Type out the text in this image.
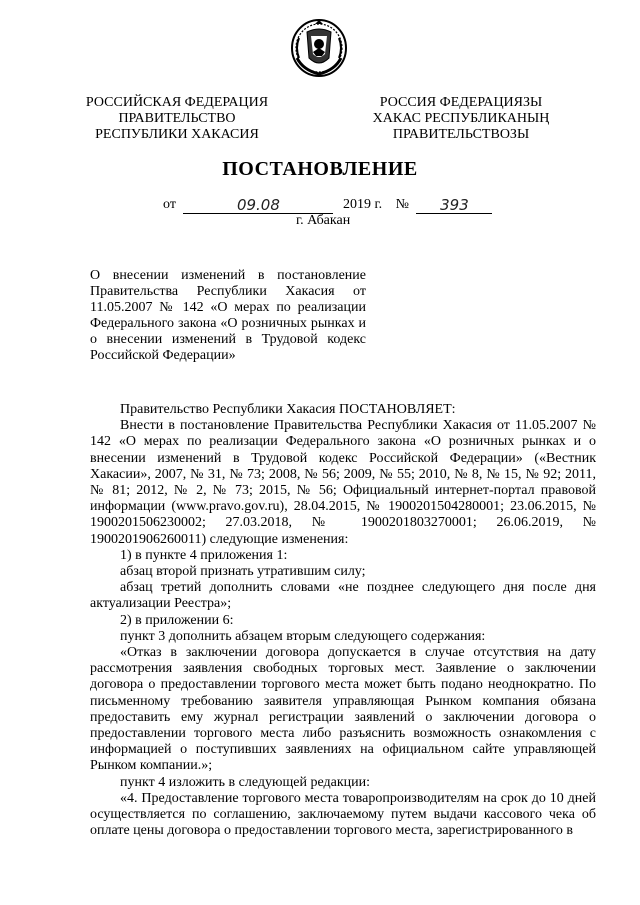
РОССИЙСКАЯ ФЕДЕРАЦИЯ
ПРАВИТЕЛЬСТВО
РЕСПУБЛИКИ ХАКАСИЯ
РОССИЯ ФЕДЕРАЦИЯЗЫ
ХАКАС РЕСПУБЛИКАНЫҢ
ПРАВИТЕЛЬСТВОЗЫ
ПОСТАНОВЛЕНИЕ
от	09.08	2019 г. № 393
г. Абакан
О внесении изменений в постановление Правительства Республики Хакасия от 11.05.2007 № 142 «О мерах по реализации Федерального закона «О розничных рынках и о внесении изменений в Трудовой кодекс Российской Федерации»

Правительство Республики Хакасия ПОСТАНОВЛЯЕТ:

Внести в постановление Правительства Республики Хакасия от 11.05.2007 № 142 «О мерах по реализации Федерального закона «О розничных рынках и о внесении изменений в Трудовой кодекс Российской Федерации» («Вестник Хакасии», 2007, № 31, № 73; 2008, № 56; 2009, № 55; 2010, № 8, № 15, № 92; 2011, № 81; 2012, № 2, № 73; 2015, № 56; Официальный интернет-портал правовой информации (www.pravo.gov.ru), 28.04.2015, № 1900201504280001; 23.06.2015, № 1900201506230002; 27.03.2018, № 1900201803270001; 26.06.2019, № 1900201906260011) следующие изменения:

1) в пункте 4 приложения 1:

абзац второй признать утратившим силу;

абзац третий дополнить словами «не позднее следующего дня после дня актуализации Реестра»;

2) в приложении 6:

пункт 3 дополнить абзацем вторым следующего содержания:

«Отказ в заключении договора допускается в случае отсутствия на дату рассмотрения заявления свободных торговых мест. Заявление о заключении договора о предоставлении торгового места может быть подано неоднократно. По письменному требованию заявителя управляющая Рынком компания обязана предоставить ему журнал регистрации заявлений о заключении договора о предоставлении торгового места либо разъяснить возможность ознакомления с информацией о поступивших заявлениях на официальном сайте управляющей Рынком компании.»;

пункт 4 изложить в следующей редакции:

«4. Предоставление торгового места товаропроизводителям на срок до 10 дней осуществляется по соглашению, заключаемому путем выдачи кассового чека об оплате цены договора о предоставлении торгового места, зарегистрированного в
